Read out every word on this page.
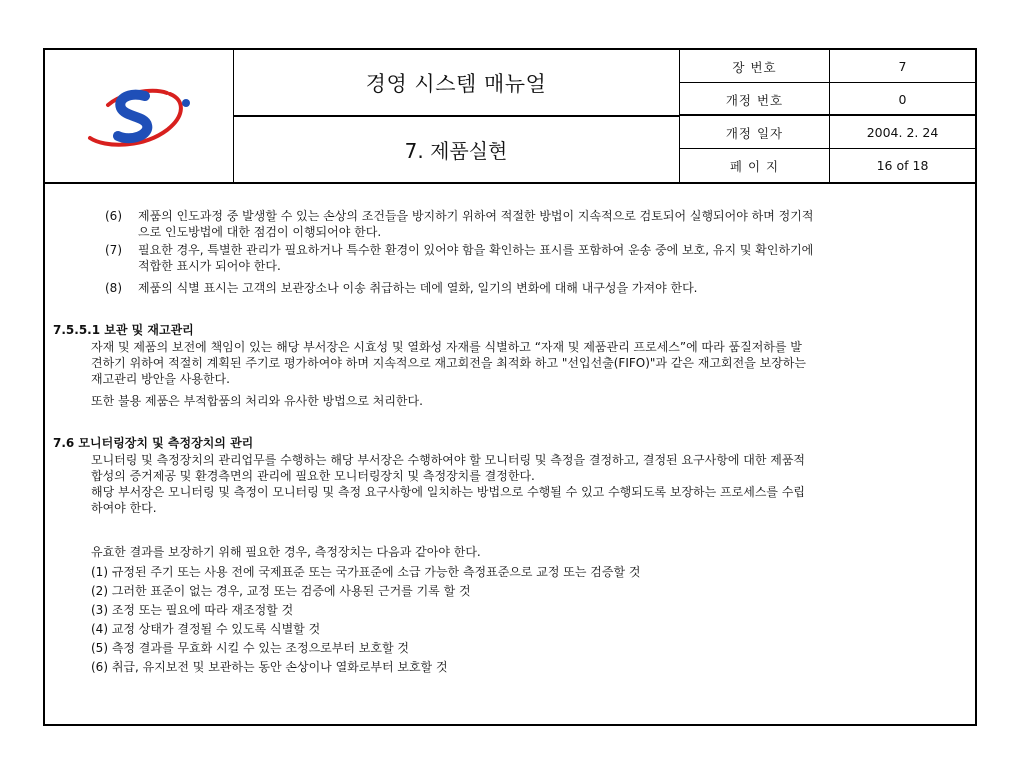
경영 시스템 매뉴얼
7. 제품실현
장 번호	7
개정 번호	0
개정 일자	2004. 2. 24
페 이 지	16 of 18
(6) 제품의 인도과정 중 발생할 수 있는 손상의 조건들을 방지하기 위하여 적절한 방법이 지속적으로 검토되어 실행되어야 하며 정기적
으로 인도방법에 대한 점검이 이행되어야 한다.
(7) 필요한 경우, 특별한 관리가 필요하거나 특수한 환경이 있어야 함을 확인하는 표시를 포함하여 운송 중에 보호, 유지 및 확인하기에
적합한 표시가 되어야 한다.
(8) 제품의 식별 표시는 고객의 보관장소나 이송 취급하는 데에 열화, 일기의 변화에 대해 내구성을 가져야 한다.
7.5.5.1 보관 및 재고관리
자재 및 제품의 보전에 책임이 있는 해당 부서장은 시효성 및 열화성 자재를 식별하고 “자재 및 제품관리 프로세스”에 따라 품질저하를 발
견하기 위하여 적절히 계획된 주기로 평가하여야 하며 지속적으로 재고회전을 최적화 하고 "선입선출(FIFO)"과 같은 재고회전을 보장하는
재고관리 방안을 사용한다.
또한 불용 제품은 부적합품의 처리와 유사한 방법으로 처리한다.
7.6 모니터링장치 및 측정장치의 관리
모니터링 및 측정장치의 관리업무를 수행하는 해당 부서장은 수행하여야 할 모니터링 및 측정을 결정하고, 결정된 요구사항에 대한 제품적
합성의 증거제공 및 환경측면의 관리에 필요한 모니터링장치 및 측정장치를 결정한다.
해당 부서장은 모니터링 및 측정이 모니터링 및 측정 요구사항에 일치하는 방법으로 수행될 수 있고 수행되도록 보장하는 프로세스를 수립
하여야 한다.
유효한 결과를 보장하기 위해 필요한 경우, 측정장치는 다음과 같아야 한다.
(1) 규정된 주기 또는 사용 전에 국제표준 또는 국가표준에 소급 가능한 측정표준으로 교정 또는 검증할 것
(2) 그러한 표준이 없는 경우, 교정 또는 검증에 사용된 근거를 기록 할 것
(3) 조정 또는 필요에 따라 재조정할 것
(4) 교정 상태가 결정될 수 있도록 식별할 것
(5) 측정 결과를 무효화 시킬 수 있는 조정으로부터 보호할 것
(6) 취급, 유지보전 및 보관하는 동안 손상이나 열화로부터 보호할 것
